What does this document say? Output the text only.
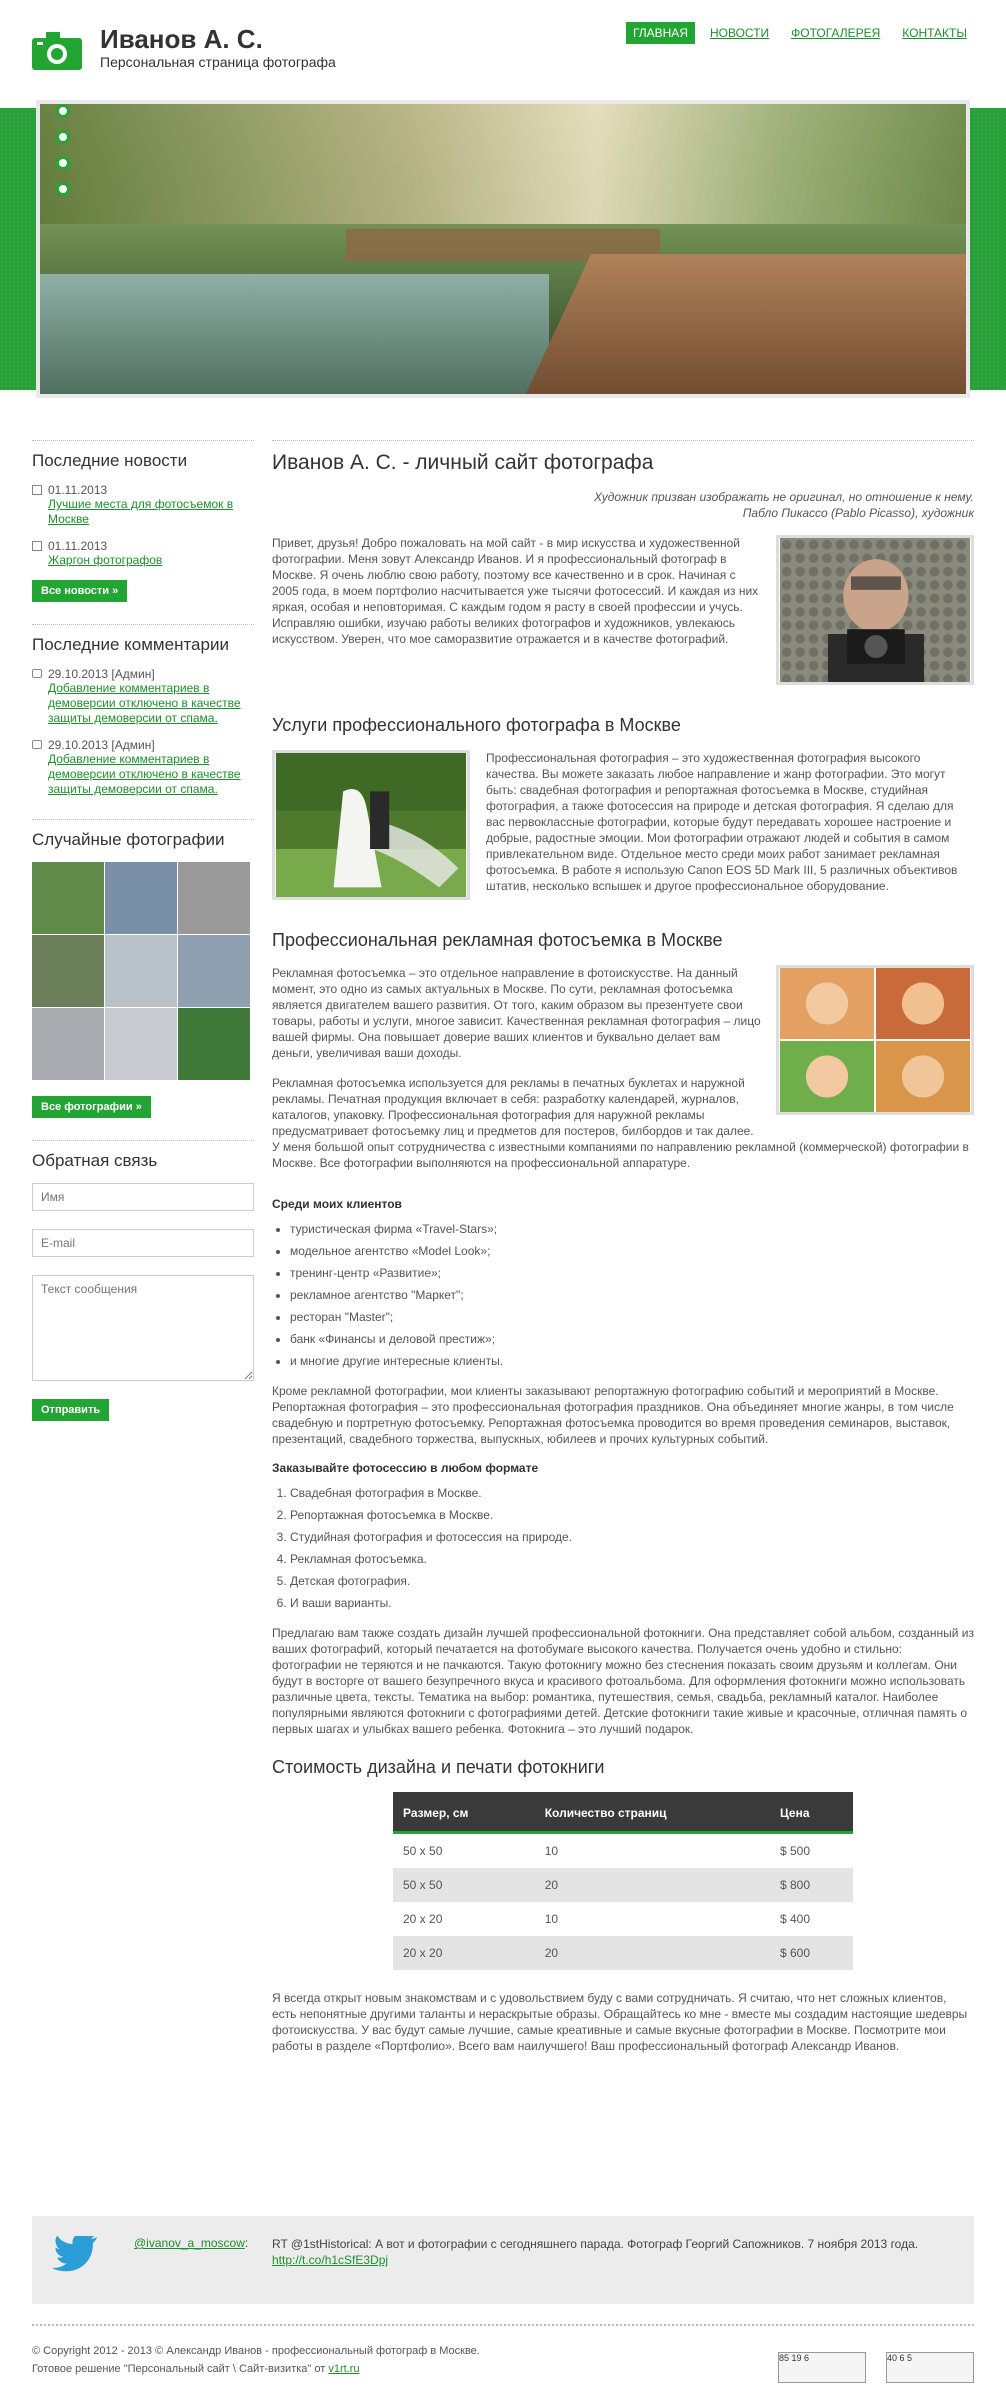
Иванов А. С.
Персональная страница фотографа
ГЛАВНАЯ	НОВОСТИ	ФОТОГАЛЕРЕЯ	КОНТАКТЫ
Последние новости
01.11.2013
Лучшие места для фотосъемок в Москве
01.11.2013
Жаргон фотографов
Все новости »
Последние комментарии
29.10.2013 [Админ]
Добавление комментариев в демоверсии отключено в качестве защиты демоверсии от спама.
29.10.2013 [Админ]
Добавление комментариев в демоверсии отключено в качестве защиты демоверсии от спама.
Случайные фотографии
Все фотографии »
Обратная связь
Имя
E-mail
Текст сообщения Отправить
Иванов А. С. - личный сайт фотографа
Художник призван изображать не оригинал, но отношение к нему.
Пабло Пикассо (Pablo Picasso), художник

Привет, друзья! Добро пожаловать на мой сайт - в мир искусства и художественной фотографии. Меня зовут Александр Иванов. И я профессиональный фотограф в Москве. Я очень люблю свою работу, поэтому все качественно и в срок. Начиная с 2005 года, в моем портфолио насчитывается уже тысячи фотосессий. И каждая из них яркая, особая и неповторимая. С каждым годом я расту в своей профессии и учусь. Исправляю ошибки, изучаю работы великих фотографов и художников, увлекаюсь искусством. Уверен, что мое саморазвитие отражается и в качестве фотографий.

Услуги профессионального фотографа в Москве

Профессиональная фотография – это художественная фотография высокого качества. Вы можете заказать любое направление и жанр фотографии. Это могут быть: свадебная фотография и репортажная фотосъемка в Москве, студийная фотография, а также фотосессия на природе и детская фотография. Я сделаю для вас первоклассные фотографии, которые будут передавать хорошее настроение и добрые, радостные эмоции. Мои фотографии отражают людей и события в самом привлекательном виде. Отдельное место среди моих работ занимает рекламная фотосъемка. В работе я использую Canon EOS 5D Mark III, 5 различных объективов штатив, несколько вспышек и другое профессиональное оборудование.

Профессиональная рекламная фотосъемка в Москве

Рекламная фотосъемка – это отдельное направление в фотоискусстве. На данный момент, это одно из самых актуальных в Москве. По сути, рекламная фотосъемка является двигателем вашего развития. От того, каким образом вы презентуете свои товары, работы и услуги, многое зависит. Качественная рекламная фотография – лицо вашей фирмы. Она повышает доверие ваших клиентов и буквально делает вам деньги, увеличивая ваши доходы.

Рекламная фотосъемка используется для рекламы в печатных буклетах и наружной рекламы. Печатная продукция включает в себя: разработку календарей, журналов, каталогов, упаковку. Профессиональная фотография для наружной рекламы предусматривает фотосъемку лиц и предметов для постеров, билбордов и так далее. У меня большой опыт сотрудничества с известными компаниями по направлению рекламной (коммерческой) фотографии в Москве. Все фотографии выполняются на профессиональной аппаратуре.

Среди моих клиентов
• туристическая фирма «Travel-Stars»;
• модельное агентство «Model Look»;
• тренинг-центр «Развитие»;
• рекламное агентство "Маркет";
• ресторан "Master";
• банк «Финансы и деловой престиж»;
• и многие другие интересные клиенты.

Кроме рекламной фотографии, мои клиенты заказывают репортажную фотографию событий и мероприятий в Москве. Репортажная фотография – это профессиональная фотография праздников. Она объединяет многие жанры, в том числе свадебную и портретную фотосъемку. Репортажная фотосъемка проводится во время проведения семинаров, выставок, презентаций, свадебного торжества, выпускных, юбилеев и прочих культурных событий.

Заказывайте фотосессию в любом формате
1. Свадебная фотография в Москве.
2. Репортажная фотосъемка в Москве.
3. Студийная фотография и фотосессия на природе.
4. Рекламная фотосъемка.
5. Детская фотография.
6. И ваши варианты.

Предлагаю вам также создать дизайн лучшей профессиональной фотокниги. Она представляет собой альбом, созданный из ваших фотографий, который печатается на фотобумаге высокого качества. Получается очень удобно и стильно: фотографии не теряются и не пачкаются. Такую фотокнигу можно без стеснения показать своим друзьям и коллегам. Они будут в восторге от вашего безупречного вкуса и красивого фотоальбома. Для оформления фотокниги можно использовать различные цвета, тексты. Тематика на выбор: романтика, путешествия, семья, свадьба, рекламный каталог. Наиболее популярными являются фотокниги с фотографиями детей. Детские фотокниги такие живые и красочные, отличная память о первых шагах и улыбках вашего ребенка. Фотокнига – это лучший подарок.

Стоимость дизайна и печати фотокниги
Размер, см	Количество страниц	Цена
50 x 50	10	$ 500
50 x 50	20	$ 800
20 x 20	10	$ 400
20 x 20	20	$ 600

Я всегда открыт новым знакомствам и с удовольствием буду с вами сотрудничать. Я считаю, что нет сложных клиентов, есть непонятные другими таланты и нераскрытые образы. Обращайтесь ко мне - вместе мы создадим настоящие шедевры фотоискусства. У вас будут самые лучшие, самые креативные и самые вкусные фотографии в Москве. Посмотрите мои работы в разделе «Портфолио». Всего вам наилучшего! Ваш профессиональный фотограф Александр Иванов.

@ivanov_a_moscow: RT @1stHistorical: А вот и фотографии с сегодняшнего парада. Фотограф Георгий Сапожников. 7 ноября 2013 года. http://t.co/h1cSfE3Dpj
© Copyright 2012 - 2013 © Александр Иванов - профессиональный фотограф в Москве.
Готовое решение "Персональный сайт \ Сайт-визитка" от v1rt.ru
85 19 6	40 6 5
